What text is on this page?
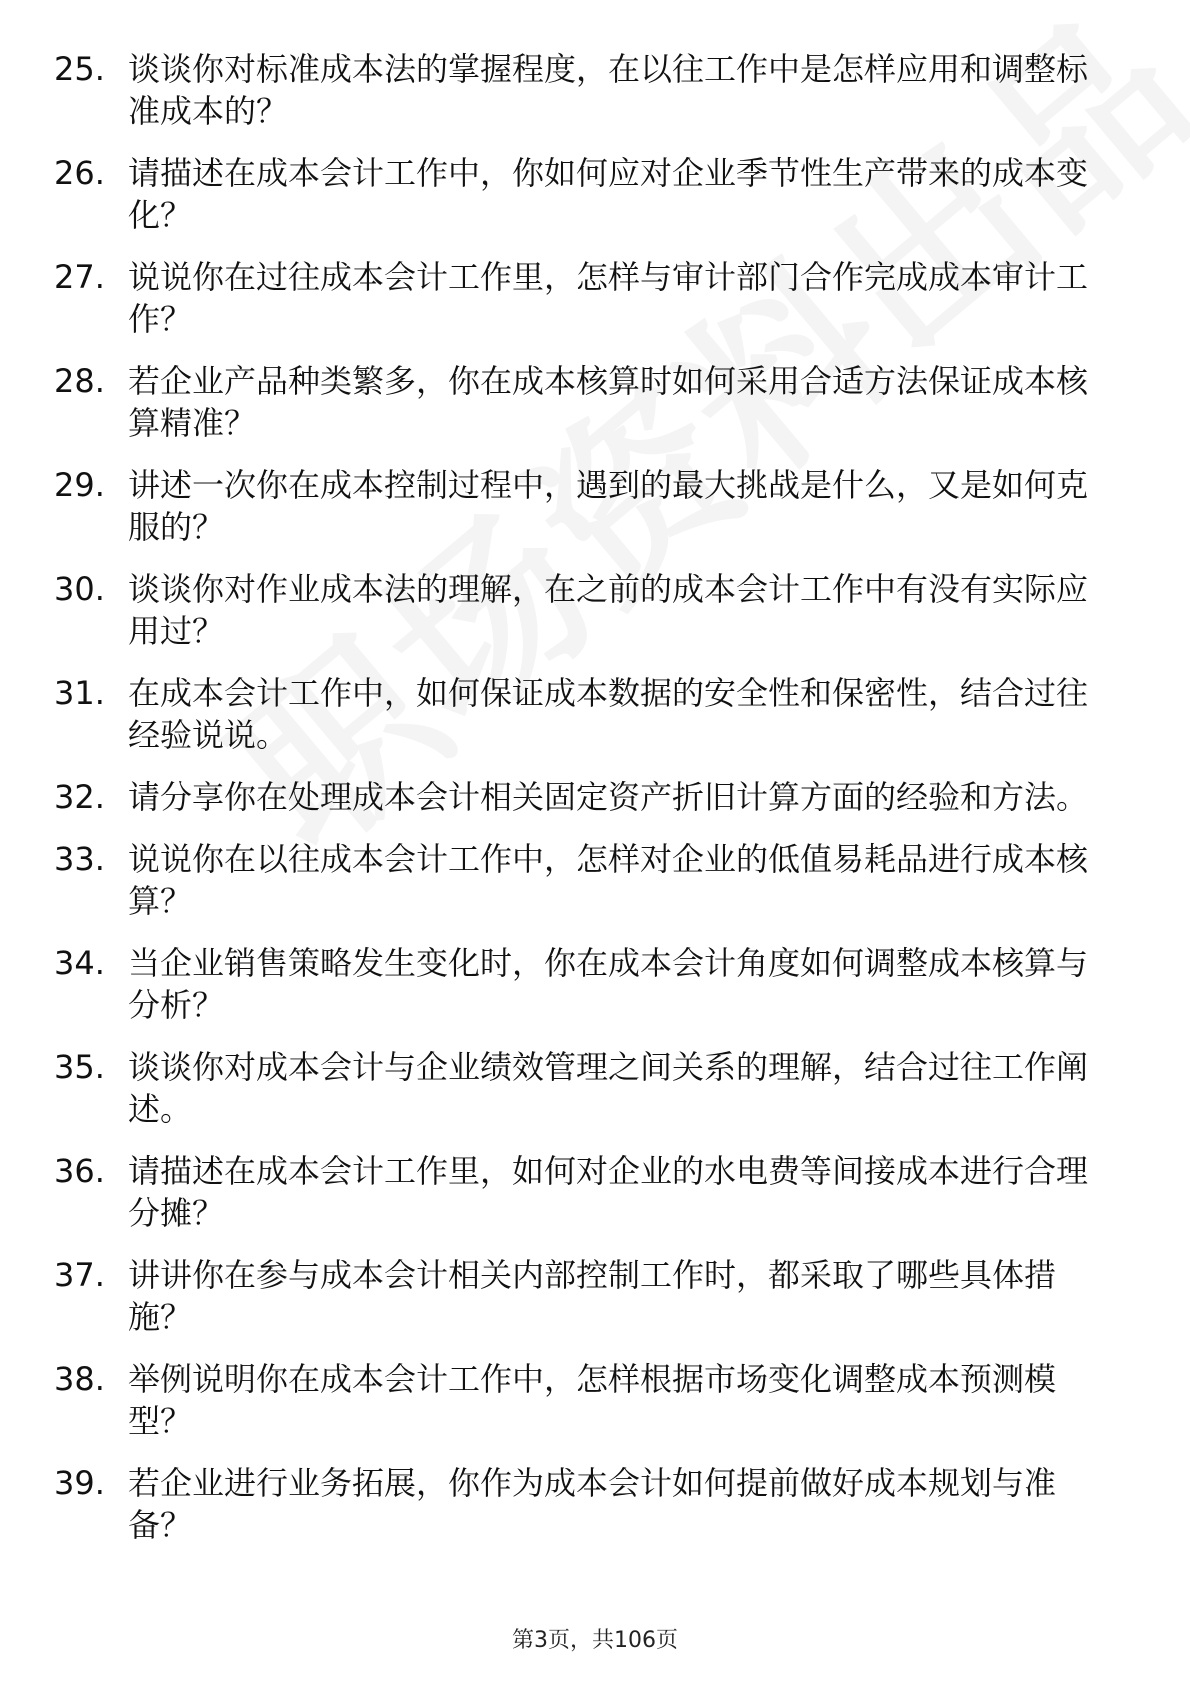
25. 谈谈你对标准成本法的掌握程度，在以往工作中是怎样应用和调整标准成本的？
26. 请描述在成本会计工作中，你如何应对企业季节性生产带来的成本变化？
27. 说说你在过往成本会计工作里，怎样与审计部门合作完成成本审计工作？
28. 若企业产品种类繁多，你在成本核算时如何采用合适方法保证成本核算精准？
29. 讲述一次你在成本控制过程中，遇到的最大挑战是什么，又是如何克服的？
30. 谈谈你对作业成本法的理解，在之前的成本会计工作中有没有实际应用过？
31. 在成本会计工作中，如何保证成本数据的安全性和保密性，结合过往经验说说。
32. 请分享你在处理成本会计相关固定资产折旧计算方面的经验和方法。
33. 说说你在以往成本会计工作中，怎样对企业的低值易耗品进行成本核算？
34. 当企业销售策略发生变化时，你在成本会计角度如何调整成本核算与分析？
35. 谈谈你对成本会计与企业绩效管理之间关系的理解，结合过往工作阐述。
36. 请描述在成本会计工作里，如何对企业的水电费等间接成本进行合理分摊？
37. 讲讲你在参与成本会计相关内部控制工作时，都采取了哪些具体措施？
38. 举例说明你在成本会计工作中，怎样根据市场变化调整成本预测模型？
39. 若企业进行业务拓展，你作为成本会计如何提前做好成本规划与准备？
第3页，共106页
